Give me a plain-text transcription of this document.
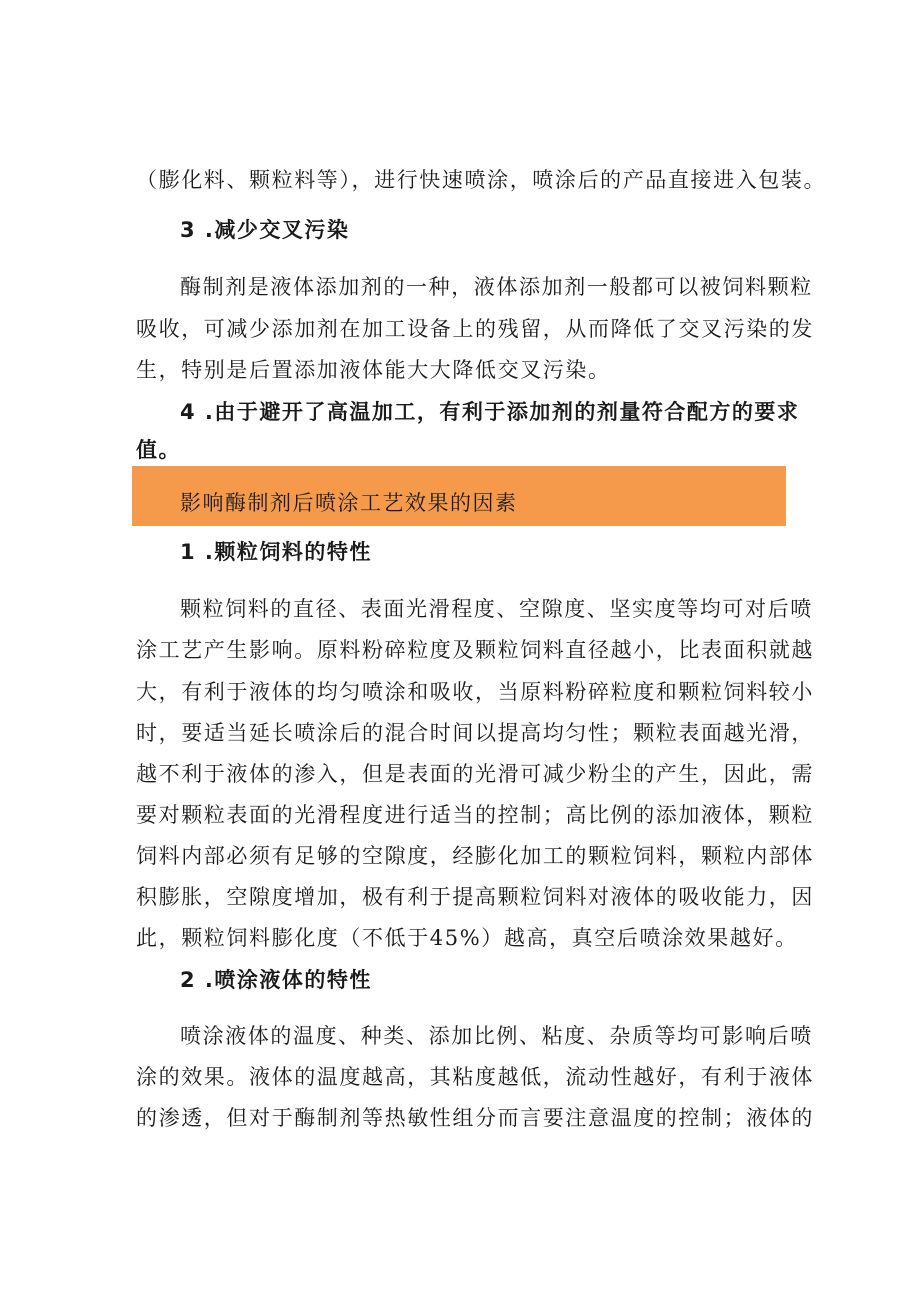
（膨化料、颗粒料等），进行快速喷涂，喷涂后的产品直接进入包装。
3 .减少交叉污染
酶制剂是液体添加剂的一种，液体添加剂一般都可以被饲料颗粒
吸收，可减少添加剂在加工设备上的残留，从而降低了交叉污染的发
生，特别是后置添加液体能大大降低交叉污染。
4 .由于避开了高温加工，有利于添加剂的剂量符合配方的要求
值。
影响酶制剂后喷涂工艺效果的因素
1 .颗粒饲料的特性
颗粒饲料的直径、表面光滑程度、空隙度、坚实度等均可对后喷
涂工艺产生影响。原料粉碎粒度及颗粒饲料直径越小，比表面积就越
大，有利于液体的均匀喷涂和吸收，当原料粉碎粒度和颗粒饲料较小
时，要适当延长喷涂后的混合时间以提高均匀性；颗粒表面越光滑，
越不利于液体的渗入，但是表面的光滑可减少粉尘的产生，因此，需
要对颗粒表面的光滑程度进行适当的控制；高比例的添加液体，颗粒
饲料内部必须有足够的空隙度，经膨化加工的颗粒饲料，颗粒内部体
积膨胀，空隙度增加，极有利于提高颗粒饲料对液体的吸收能力，因
此，颗粒饲料膨化度（不低于45%）越高，真空后喷涂效果越好。
2 .喷涂液体的特性
喷涂液体的温度、种类、添加比例、粘度、杂质等均可影响后喷
涂的效果。液体的温度越高，其粘度越低，流动性越好，有利于液体
的渗透，但对于酶制剂等热敏性组分而言要注意温度的控制；液体的
